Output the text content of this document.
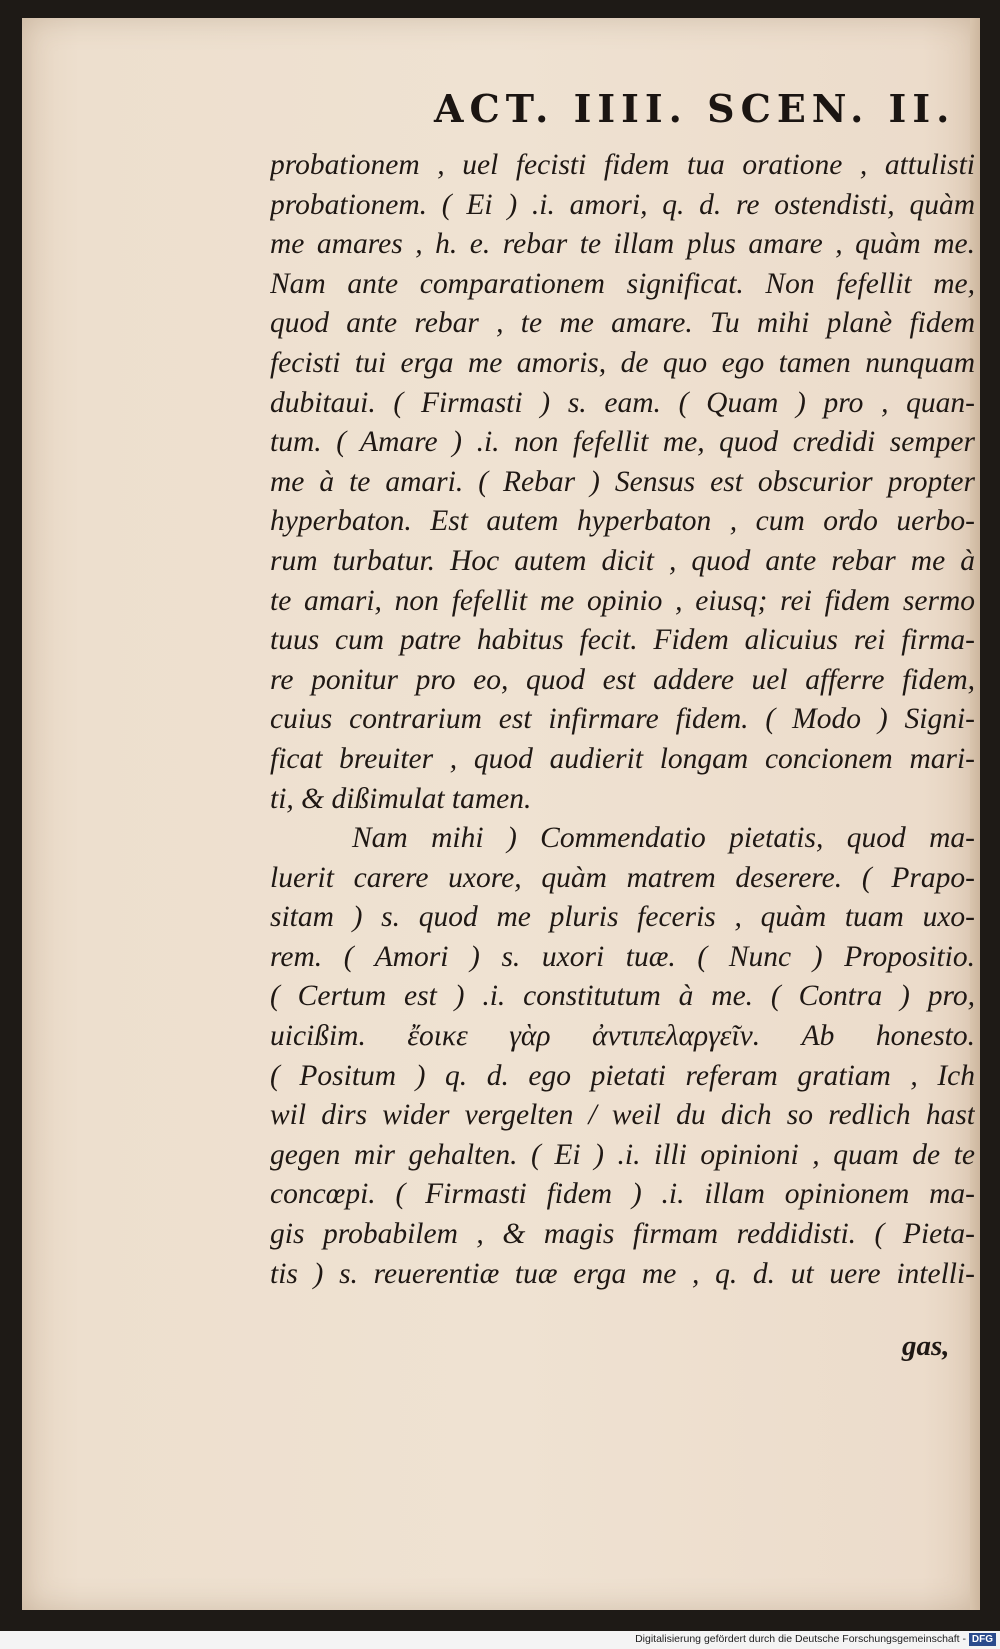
ACT. IIII. SCEN. II.
probationem , uel fecisti fidem tua oratione , attulisti
probationem. ( Ei ) .i. amori, q. d. re ostendisti, quàm
me amares , h. e. rebar te illam plus amare , quàm me.
Nam ante comparationem significat. Non fefellit me,
quod ante rebar , te me amare. Tu mihi planè fidem
fecisti tui erga me amoris, de quo ego tamen nunquam
dubitaui. ( Firmasti ) s. eam. ( Quam ) pro , quan-
tum. ( Amare ) .i. non fefellit me, quod credidi semper
me à te amari. ( Rebar ) Sensus est obscurior propter
hyperbaton. Est autem hyperbaton , cum ordo uerbo-
rum turbatur. Hoc autem dicit , quod ante rebar me à
te amari, non fefellit me opinio , eiusq; rei fidem sermo
tuus cum patre habitus fecit. Fidem alicuius rei firma-
re ponitur pro eo, quod est addere uel afferre fidem,
cuius contrarium est infirmare fidem. ( Modo ) Signi-
ficat breuiter , quod audierit longam concionem mari-
ti, & dißimulat tamen.
Nam mihi ) Commendatio pietatis, quod ma-
luerit carere uxore, quàm matrem deserere. ( Prapo-
sitam ) s. quod me pluris feceris , quàm tuam uxo-
rem. ( Amori ) s. uxori tuæ. ( Nunc ) Propositio.
( Certum est ) .i. constitutum à me. ( Contra ) pro,
uicißim. ἔοικε γὰρ ἀντιπελαργεῖν. Ab honesto.
( Positum ) q. d. ego pietati referam gratiam , Ich
wil dirs wider vergelten / weil du dich so redlich hast
gegen mir gehalten. ( Ei ) .i. illi opinioni , quam de te
concœpi. ( Firmasti fidem ) .i. illam opinionem ma-
gis probabilem , & magis firmam reddidisti. ( Pieta-
tis ) s. reuerentiæ tuæ erga me , q. d. ut uere intelli-
gas,
Digitalisierung gefördert durch die Deutsche Forschungsgemeinschaft - DFG
